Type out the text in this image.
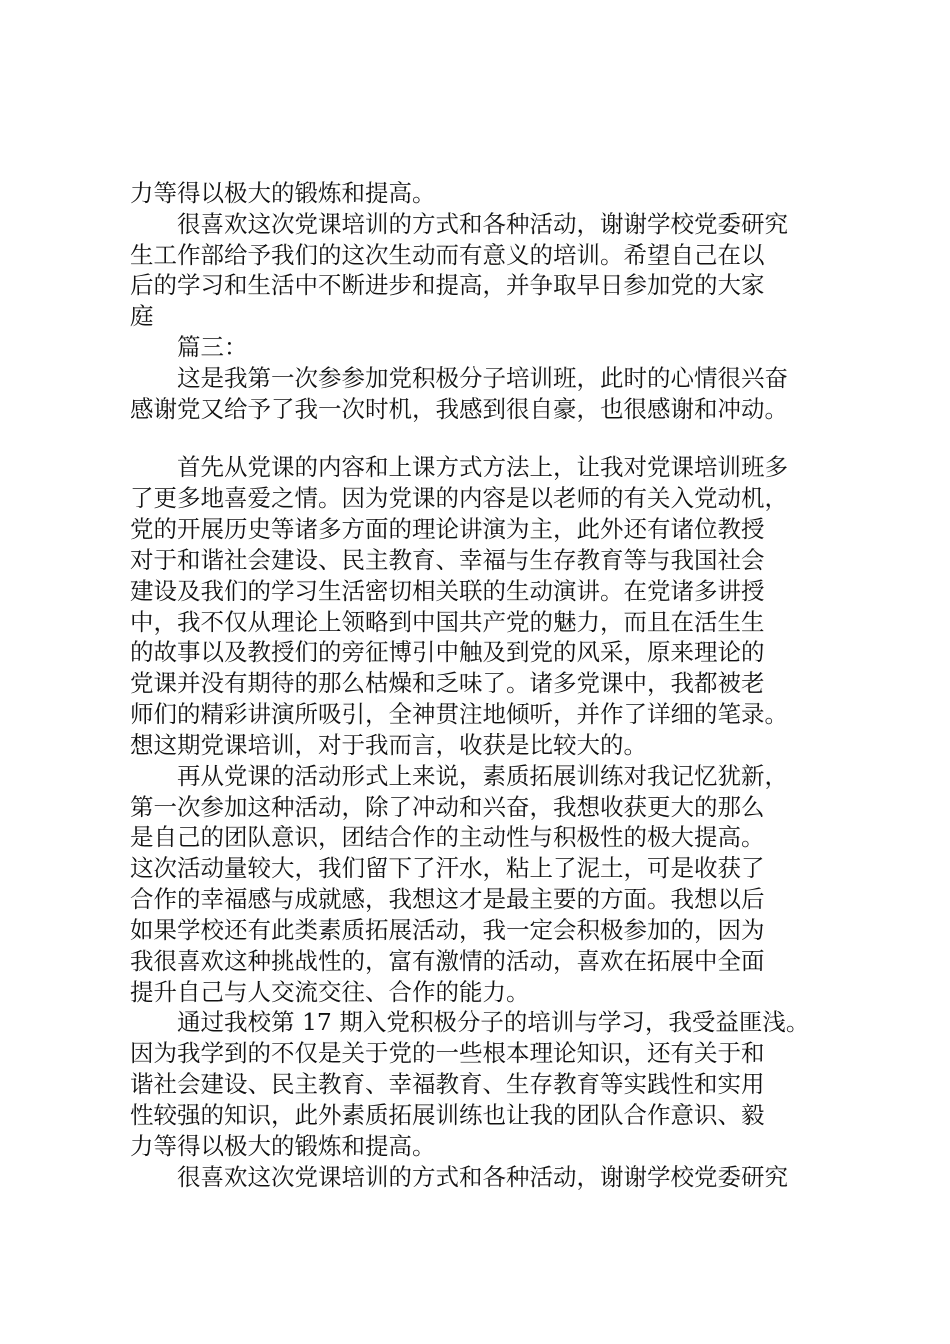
力等得以极大的锻炼和提高。

　　很喜欢这次党课培训的方式和各种活动，谢谢学校党委研究

生工作部给予我们的这次生动而有意义的培训。希望自己在以

后的学习和生活中不断进步和提高，并争取早日参加党的大家

庭

　　篇三：

　　这是我第一次参参加党积极分子培训班，此时的心情很兴奋

感谢党又给予了我一次时机，我感到很自豪，也很感谢和冲动。

　　首先从党课的内容和上课方式方法上，让我对党课培训班多

了更多地喜爱之情。因为党课的内容是以老师的有关入党动机，

党的开展历史等诸多方面的理论讲演为主，此外还有诸位教授

对于和谐社会建设、民主教育、幸福与生存教育等与我国社会

建设及我们的学习生活密切相关联的生动演讲。在党诸多讲授

中，我不仅从理论上领略到中国共产党的魅力，而且在活生生

的故事以及教授们的旁征博引中触及到党的风采，原来理论的

党课并没有期待的那么枯燥和乏味了。诸多党课中，我都被老

师们的精彩讲演所吸引，全神贯注地倾听，并作了详细的笔录。

想这期党课培训，对于我而言，收获是比较大的。

　　再从党课的活动形式上来说，素质拓展训练对我记忆犹新，

第一次参加这种活动，除了冲动和兴奋，我想收获更大的那么

是自己的团队意识，团结合作的主动性与积极性的极大提高。

这次活动量较大，我们留下了汗水，粘上了泥土，可是收获了

合作的幸福感与成就感，我想这才是最主要的方面。我想以后

如果学校还有此类素质拓展活动，我一定会积极参加的，因为

我很喜欢这种挑战性的，富有激情的活动，喜欢在拓展中全面

提升自己与人交流交往、合作的能力。

　　通过我校第 17 期入党积极分子的培训与学习，我受益匪浅。

因为我学到的不仅是关于党的一些根本理论知识，还有关于和

谐社会建设、民主教育、幸福教育、生存教育等实践性和实用

性较强的知识，此外素质拓展训练也让我的团队合作意识、毅

力等得以极大的锻炼和提高。

　　很喜欢这次党课培训的方式和各种活动，谢谢学校党委研究
